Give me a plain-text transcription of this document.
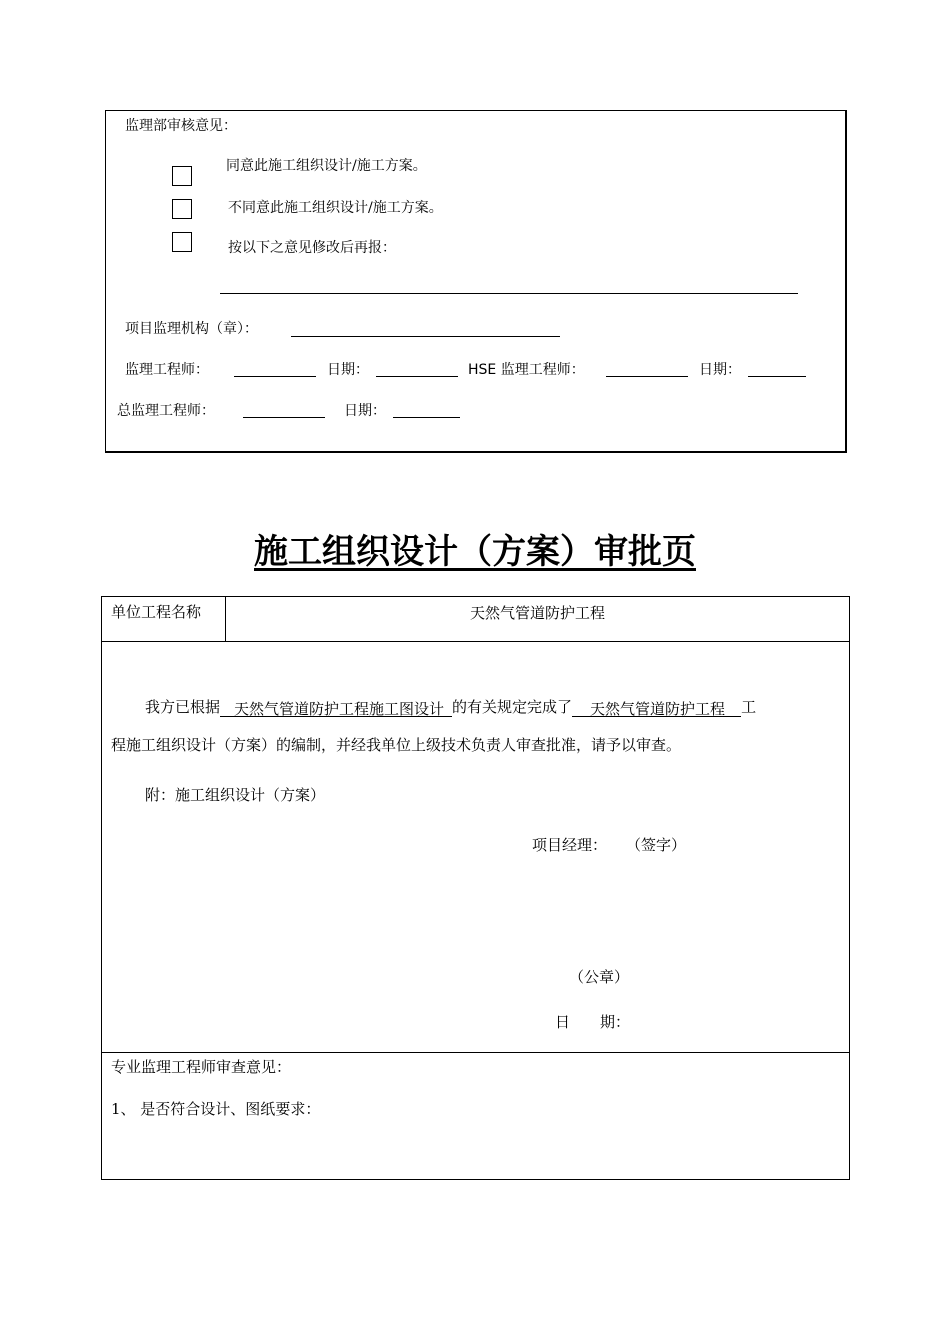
监理部审核意见：
同意此施工组织设计/施工方案。
不同意此施工组织设计/施工方案。
按以下之意见修改后再报：
项目监理机构（章）：
监理工程师：	日期：	HSE 监理工程师：	日期：
总监理工程师：	日期：
施工组织设计（方案）审批页
单位工程名称	天然气管道防护工程
我方已根据 天然气管道防护工程施工图设计 的有关规定完成了 天然气管道防护工程 工
程施工组织设计（方案）的编制，并经我单位上级技术负责人审查批准，请予以审查。
附：施工组织设计（方案）
项目经理： （签字）
（公章）
日　　期：
专业监理工程师审查意见：
1、 是否符合设计、图纸要求：
